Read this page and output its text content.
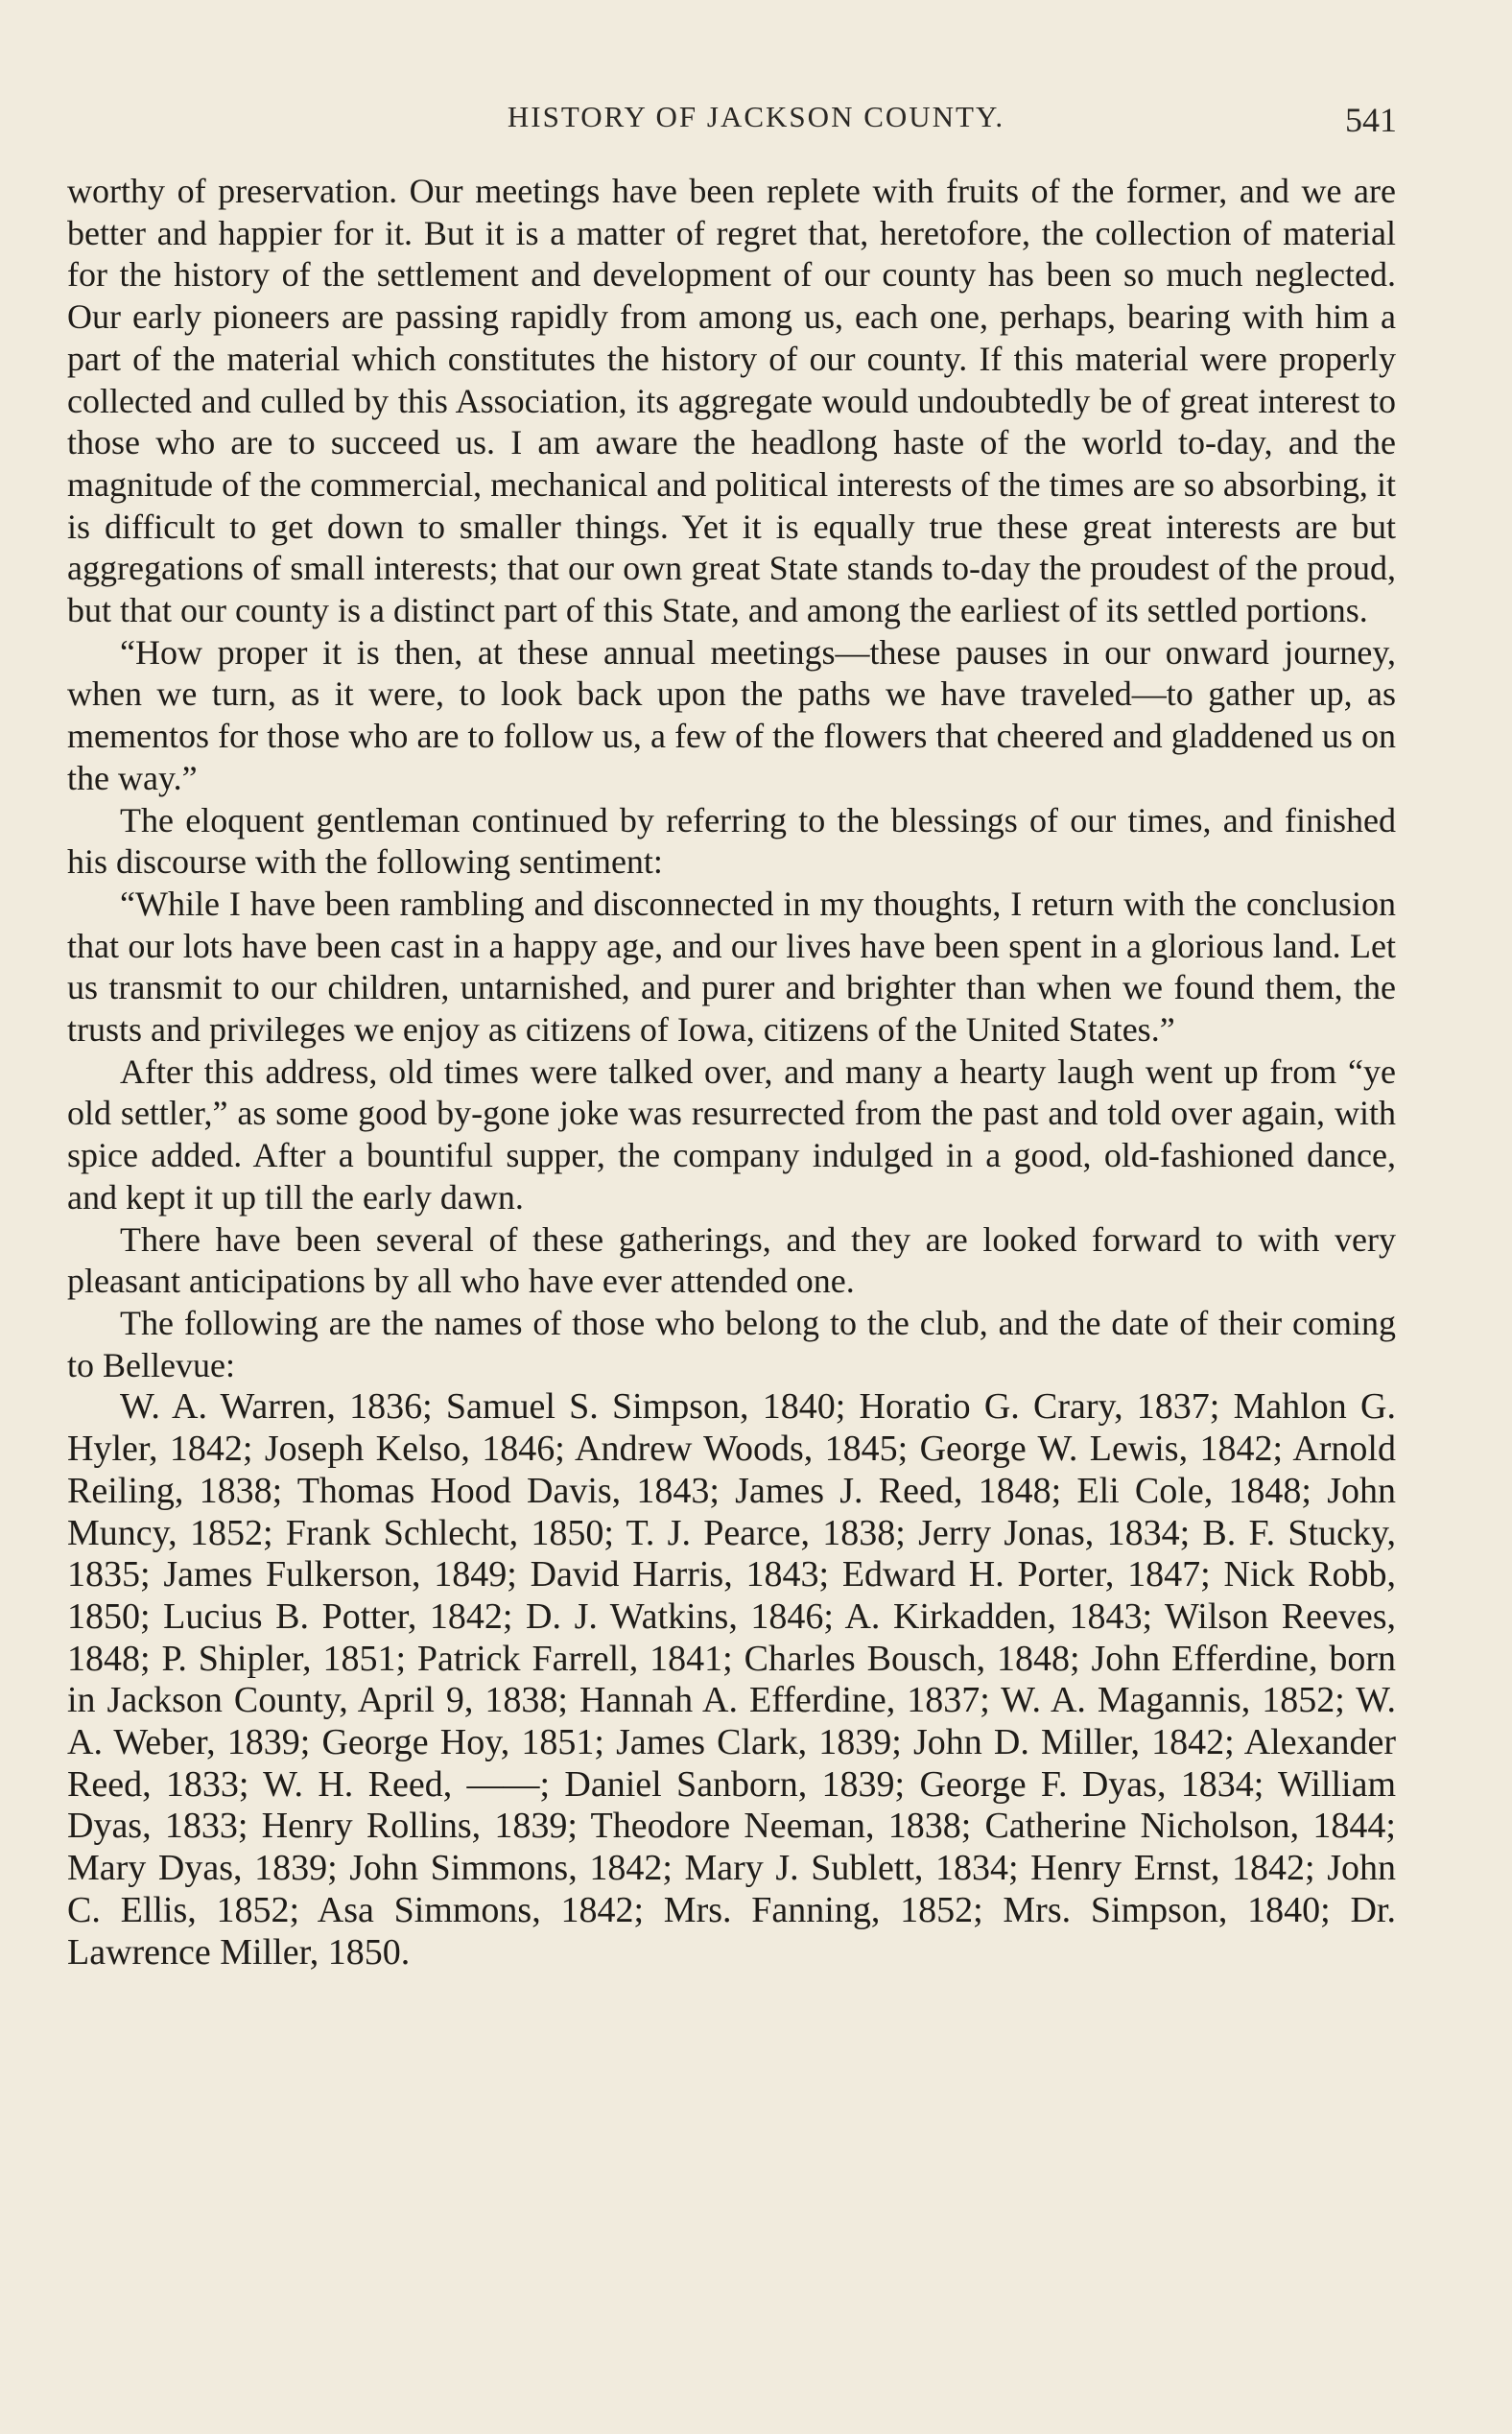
HISTORY OF JACKSON COUNTY.	541

worthy of preservation. Our meetings have been replete with fruits of the former, and we are better and happier for it. But it is a matter of regret that, heretofore, the collection of material for the history of the settlement and development of our county has been so much neglected. Our early pioneers are passing rapidly from among us, each one, perhaps, bearing with him a part of the material which constitutes the history of our county. If this material were properly collected and culled by this Association, its aggregate would undoubtedly be of great interest to those who are to succeed us. I am aware the headlong haste of the world to-day, and the magnitude of the commercial, mechanical and political interests of the times are so absorbing, it is difficult to get down to smaller things. Yet it is equally true these great interests are but aggregations of small interests; that our own great State stands to-day the proudest of the proud, but that our county is a distinct part of this State, and among the earliest of its settled portions.

“How proper it is then, at these annual meetings—these pauses in our onward journey, when we turn, as it were, to look back upon the paths we have traveled—to gather up, as mementos for those who are to follow us, a few of the flowers that cheered and gladdened us on the way.”

The eloquent gentleman continued by referring to the blessings of our times, and finished his discourse with the following sentiment:

“While I have been rambling and disconnected in my thoughts, I return with the conclusion that our lots have been cast in a happy age, and our lives have been spent in a glorious land. Let us transmit to our children, untarnished, and purer and brighter than when we found them, the trusts and privileges we enjoy as citizens of Iowa, citizens of the United States.”

After this address, old times were talked over, and many a hearty laugh went up from “ye old settler,” as some good by-gone joke was resurrected from the past and told over again, with spice added. After a bountiful supper, the company indulged in a good, old-fashioned dance, and kept it up till the early dawn.

There have been several of these gatherings, and they are looked forward to with very pleasant anticipations by all who have ever attended one.

The following are the names of those who belong to the club, and the date of their coming to Bellevue:

W. A. Warren, 1836; Samuel S. Simpson, 1840; Horatio G. Crary, 1837; Mahlon G. Hyler, 1842; Joseph Kelso, 1846; Andrew Woods, 1845; George W. Lewis, 1842; Arnold Reiling, 1838; Thomas Hood Davis, 1843; James J. Reed, 1848; Eli Cole, 1848; John Muncy, 1852; Frank Schlecht, 1850; T. J. Pearce, 1838; Jerry Jonas, 1834; B. F. Stucky, 1835; James Fulkerson, 1849; David Harris, 1843; Edward H. Porter, 1847; Nick Robb, 1850; Lucius B. Potter, 1842; D. J. Watkins, 1846; A. Kirkadden, 1843; Wilson Reeves, 1848; P. Shipler, 1851; Patrick Farrell, 1841; Charles Bousch, 1848; John Efferdine, born in Jackson County, April 9, 1838; Hannah A. Efferdine, 1837; W. A. Magannis, 1852; W. A. Weber, 1839; George Hoy, 1851; James Clark, 1839; John D. Miller, 1842; Alexander Reed, 1833; W. H. Reed, ——; Daniel Sanborn, 1839; George F. Dyas, 1834; William Dyas, 1833; Henry Rollins, 1839; Theodore Neeman, 1838; Catherine Nicholson, 1844; Mary Dyas, 1839; John Simmons, 1842; Mary J. Sublett, 1834; Henry Ernst, 1842; John C. Ellis, 1852; Asa Simmons, 1842; Mrs. Fanning, 1852; Mrs. Simpson, 1840; Dr. Lawrence Miller, 1850.
